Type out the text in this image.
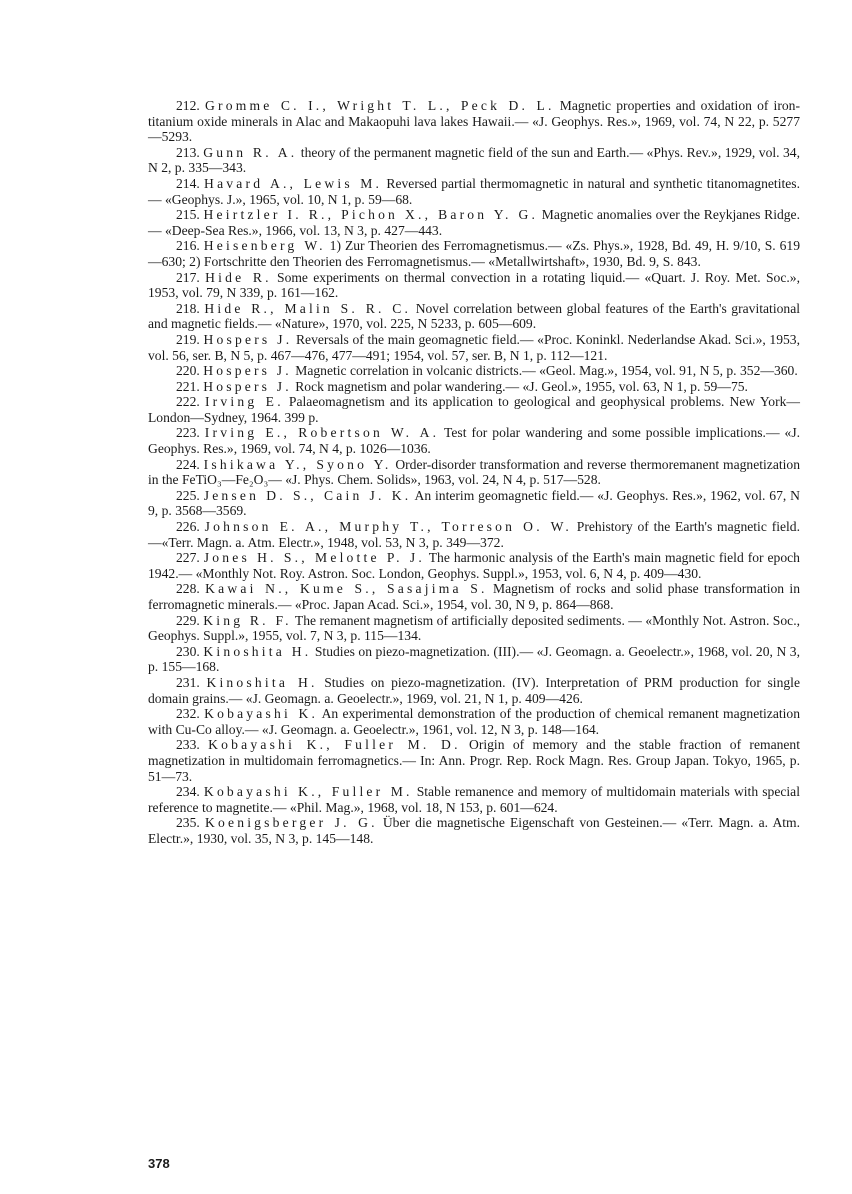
212. Gromme C. I., Wright T. L., Peck D. L. Magnetic properties and oxidation of iron-titanium oxide minerals in Alac and Makaopuhi lava lakes Hawaii.— «J. Geophys. Res.», 1969, vol. 74, N 22, p. 5277—5293.

213. Gunn R. A. theory of the permanent magnetic field of the sun and Earth.— «Phys. Rev.», 1929, vol. 34, N 2, p. 335—343.

214. Havard A., Lewis M. Reversed partial thermomagnetic in natural and synthetic titanomagnetites.— «Geophys. J.», 1965, vol. 10, N 1, p. 59—68.

215. Heirtzler I. R., Pichon X., Baron Y. G. Magnetic anomalies over the Reykjanes Ridge.— «Deep-Sea Res.», 1966, vol. 13, N 3, p. 427—443.

216. Heisenberg W. 1) Zur Theorien des Ferromagnetismus.— «Zs. Phys.», 1928, Bd. 49, H. 9/10, S. 619—630; 2) Fortschritte den Theorien des Ferromagnetismus.— «Metallwirtshaft», 1930, Bd. 9, S. 843.

217. Hide R. Some experiments on thermal convection in a rotating liquid.— «Quart. J. Roy. Met. Soc.», 1953, vol. 79, N 339, p. 161—162.

218. Hide R., Malin S. R. C. Novel correlation between global features of the Earth's gravitational and magnetic fields.— «Nature», 1970, vol. 225, N 5233, p. 605—609.

219. Hospers J. Reversals of the main geomagnetic field.— «Proc. Koninkl. Nederlandse Akad. Sci.», 1953, vol. 56, ser. B, N 5, p. 467—476, 477—491; 1954, vol. 57, ser. B, N 1, p. 112—121.

220. Hospers J. Magnetic correlation in volcanic districts.— «Geol. Mag.», 1954, vol. 91, N 5, p. 352—360.

221. Hospers J. Rock magnetism and polar wandering.— «J. Geol.», 1955, vol. 63, N 1, p. 59—75.

222. Irving E. Palaeomagnetism and its application to geological and geophysical problems. New York—London—Sydney, 1964. 399 p.

223. Irving E., Robertson W. A. Test for polar wandering and some possible implications.— «J. Geophys. Res.», 1969, vol. 74, N 4, p. 1026—1036.

224. Ishikawa Y., Syono Y. Order-disorder transformation and reverse thermoremanent magnetization in the FeTiO₃—Fe₂O₃— «J. Phys. Chem. Solids», 1963, vol. 24, N 4, p. 517—528.

225. Jensen D. S., Cain J. K. An interim geomagnetic field.— «J. Geophys. Res.», 1962, vol. 67, N 9, p. 3568—3569.

226. Johnson E. A., Murphy T., Torreson O. W. Prehistory of the Earth's magnetic field.—«Terr. Magn. a. Atm. Electr.», 1948, vol. 53, N 3, p. 349—372.

227. Jones H. S., Melotte P. J. The harmonic analysis of the Earth's main magnetic field for epoch 1942.— «Monthly Not. Roy. Astron. Soc. London, Geophys. Suppl.», 1953, vol. 6, N 4, p. 409—430.

228. Kawai N., Kume S., Sasajima S. Magnetism of rocks and solid phase transformation in ferromagnetic minerals.— «Proc. Japan Acad. Sci.», 1954, vol. 30, N 9, p. 864—868.

229. King R. F. The remanent magnetism of artificially deposited sediments. — «Monthly Not. Astron. Soc., Geophys. Suppl.», 1955, vol. 7, N 3, p. 115—134.

230. Kinoshita H. Studies on piezo-magnetization. (III).— «J. Geomagn. a. Geoelectr.», 1968, vol. 20, N 3, p. 155—168.

231. Kinoshita H. Studies on piezo-magnetization. (IV). Interpretation of PRM production for single domain grains.— «J. Geomagn. a. Geoelectr.», 1969, vol. 21, N 1, p. 409—426.

232. Kobayashi K. An experimental demonstration of the production of chemical remanent magnetization with Cu-Co alloy.— «J. Geomagn. a. Geoelectr.», 1961, vol. 12, N 3, p. 148—164.

233. Kobayashi K., Fuller M. D. Origin of memory and the stable fraction of remanent magnetization in multidomain ferromagnetics.— In: Ann. Progr. Rep. Rock Magn. Res. Group Japan. Tokyo, 1965, p. 51—73.

234. Kobayashi K., Fuller M. Stable remanence and memory of multidomain materials with special reference to magnetite.— «Phil. Mag.», 1968, vol. 18, N 153, p. 601—624.

235. Koenigsberger J. G. Über die magnetische Eigenschaft von Gesteinen.— «Terr. Magn. a. Atm. Electr.», 1930, vol. 35, N 3, p. 145—148.

378
